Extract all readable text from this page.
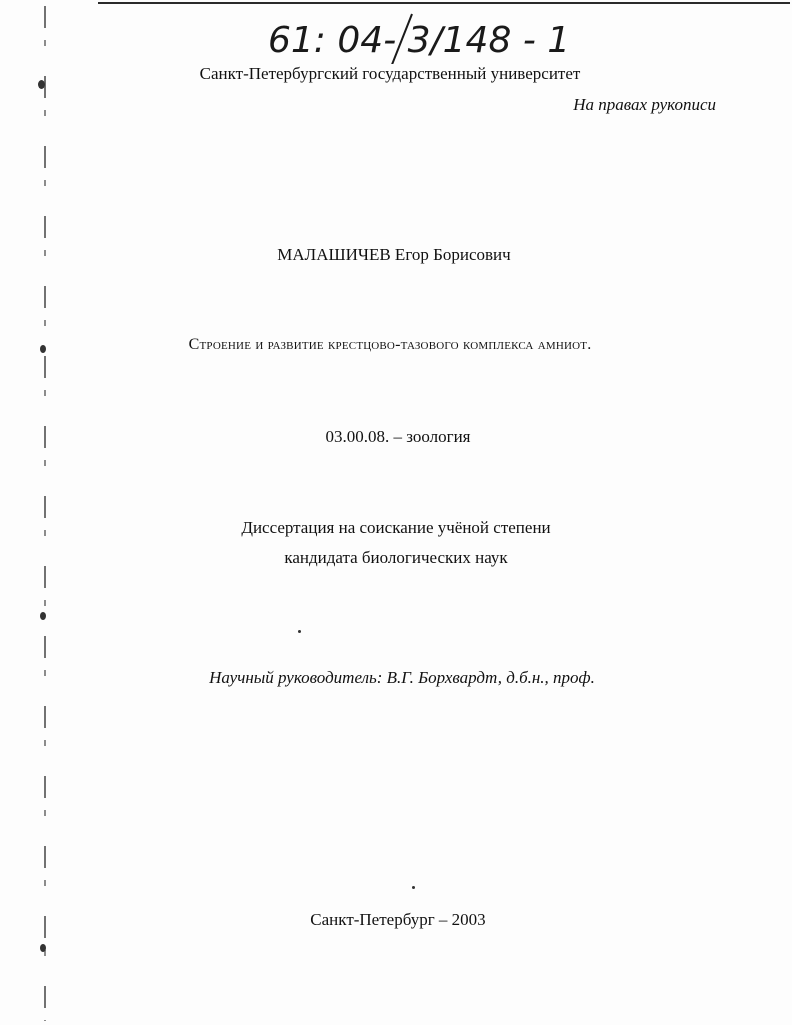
61: 04- 3/148 - 1
Санкт-Петербургский государственный университет
На правах рукописи
МАЛАШИЧЕВ Егор Борисович
Строение и развитие крестцово-тазового комплекса амниот.
03.00.08. – зоология
Диссертация на соискание учёной степени
кандидата биологических наук
Научный руководитель: В.Г. Борхвардт, д.б.н., проф.
Санкт-Петербург – 2003
